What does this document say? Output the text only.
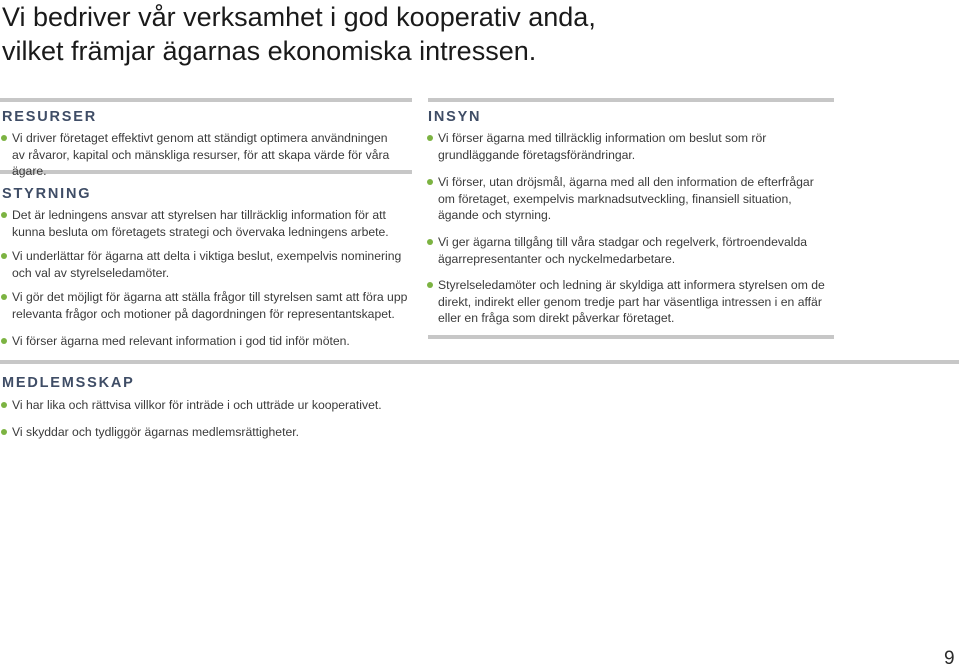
Vi bedriver vår verksamhet i god kooperativ anda,
vilket främjar ägarnas ekonomiska intressen.
RESURSER
Vi driver företaget effektivt genom att ständigt optimera användningen av råvaror, kapital och mänskliga resurser, för att skapa värde för våra ägare.
STYRNING
Det är ledningens ansvar att styrelsen har tillräcklig information för att kunna besluta om företagets strategi och övervaka ledningens arbete.
Vi underlättar för ägarna att delta i viktiga beslut, exempelvis nominering och val av styrelseledamöter.
Vi gör det möjligt för ägarna att ställa frågor till styrelsen samt att föra upp relevanta frågor och motioner på dagordningen för representantskapet.
Vi förser ägarna med relevant information i god tid inför möten.
MEDLEMSSKAP
Vi har lika och rättvisa villkor för inträde i och utträde ur kooperativet.
Vi skyddar och tydliggör ägarnas medlemsrättigheter.
INSYN
Vi förser ägarna med tillräcklig information om beslut som rör grundläggande företagsförändringar.
Vi förser, utan dröjsmål, ägarna med all den information de efterfrågar om företaget, exempelvis marknadsutveckling, finansiell situation, ägande och styrning.
Vi ger ägarna tillgång till våra stadgar och regelverk, förtroendevalda ägarrepresentanter och nyckelmedarbetare.
Styrelseledamöter och ledning är skyldiga att informera styrelsen om de direkt, indirekt eller genom tredje part har väsentliga intressen i en affär eller en fråga som direkt påverkar företaget.
9
